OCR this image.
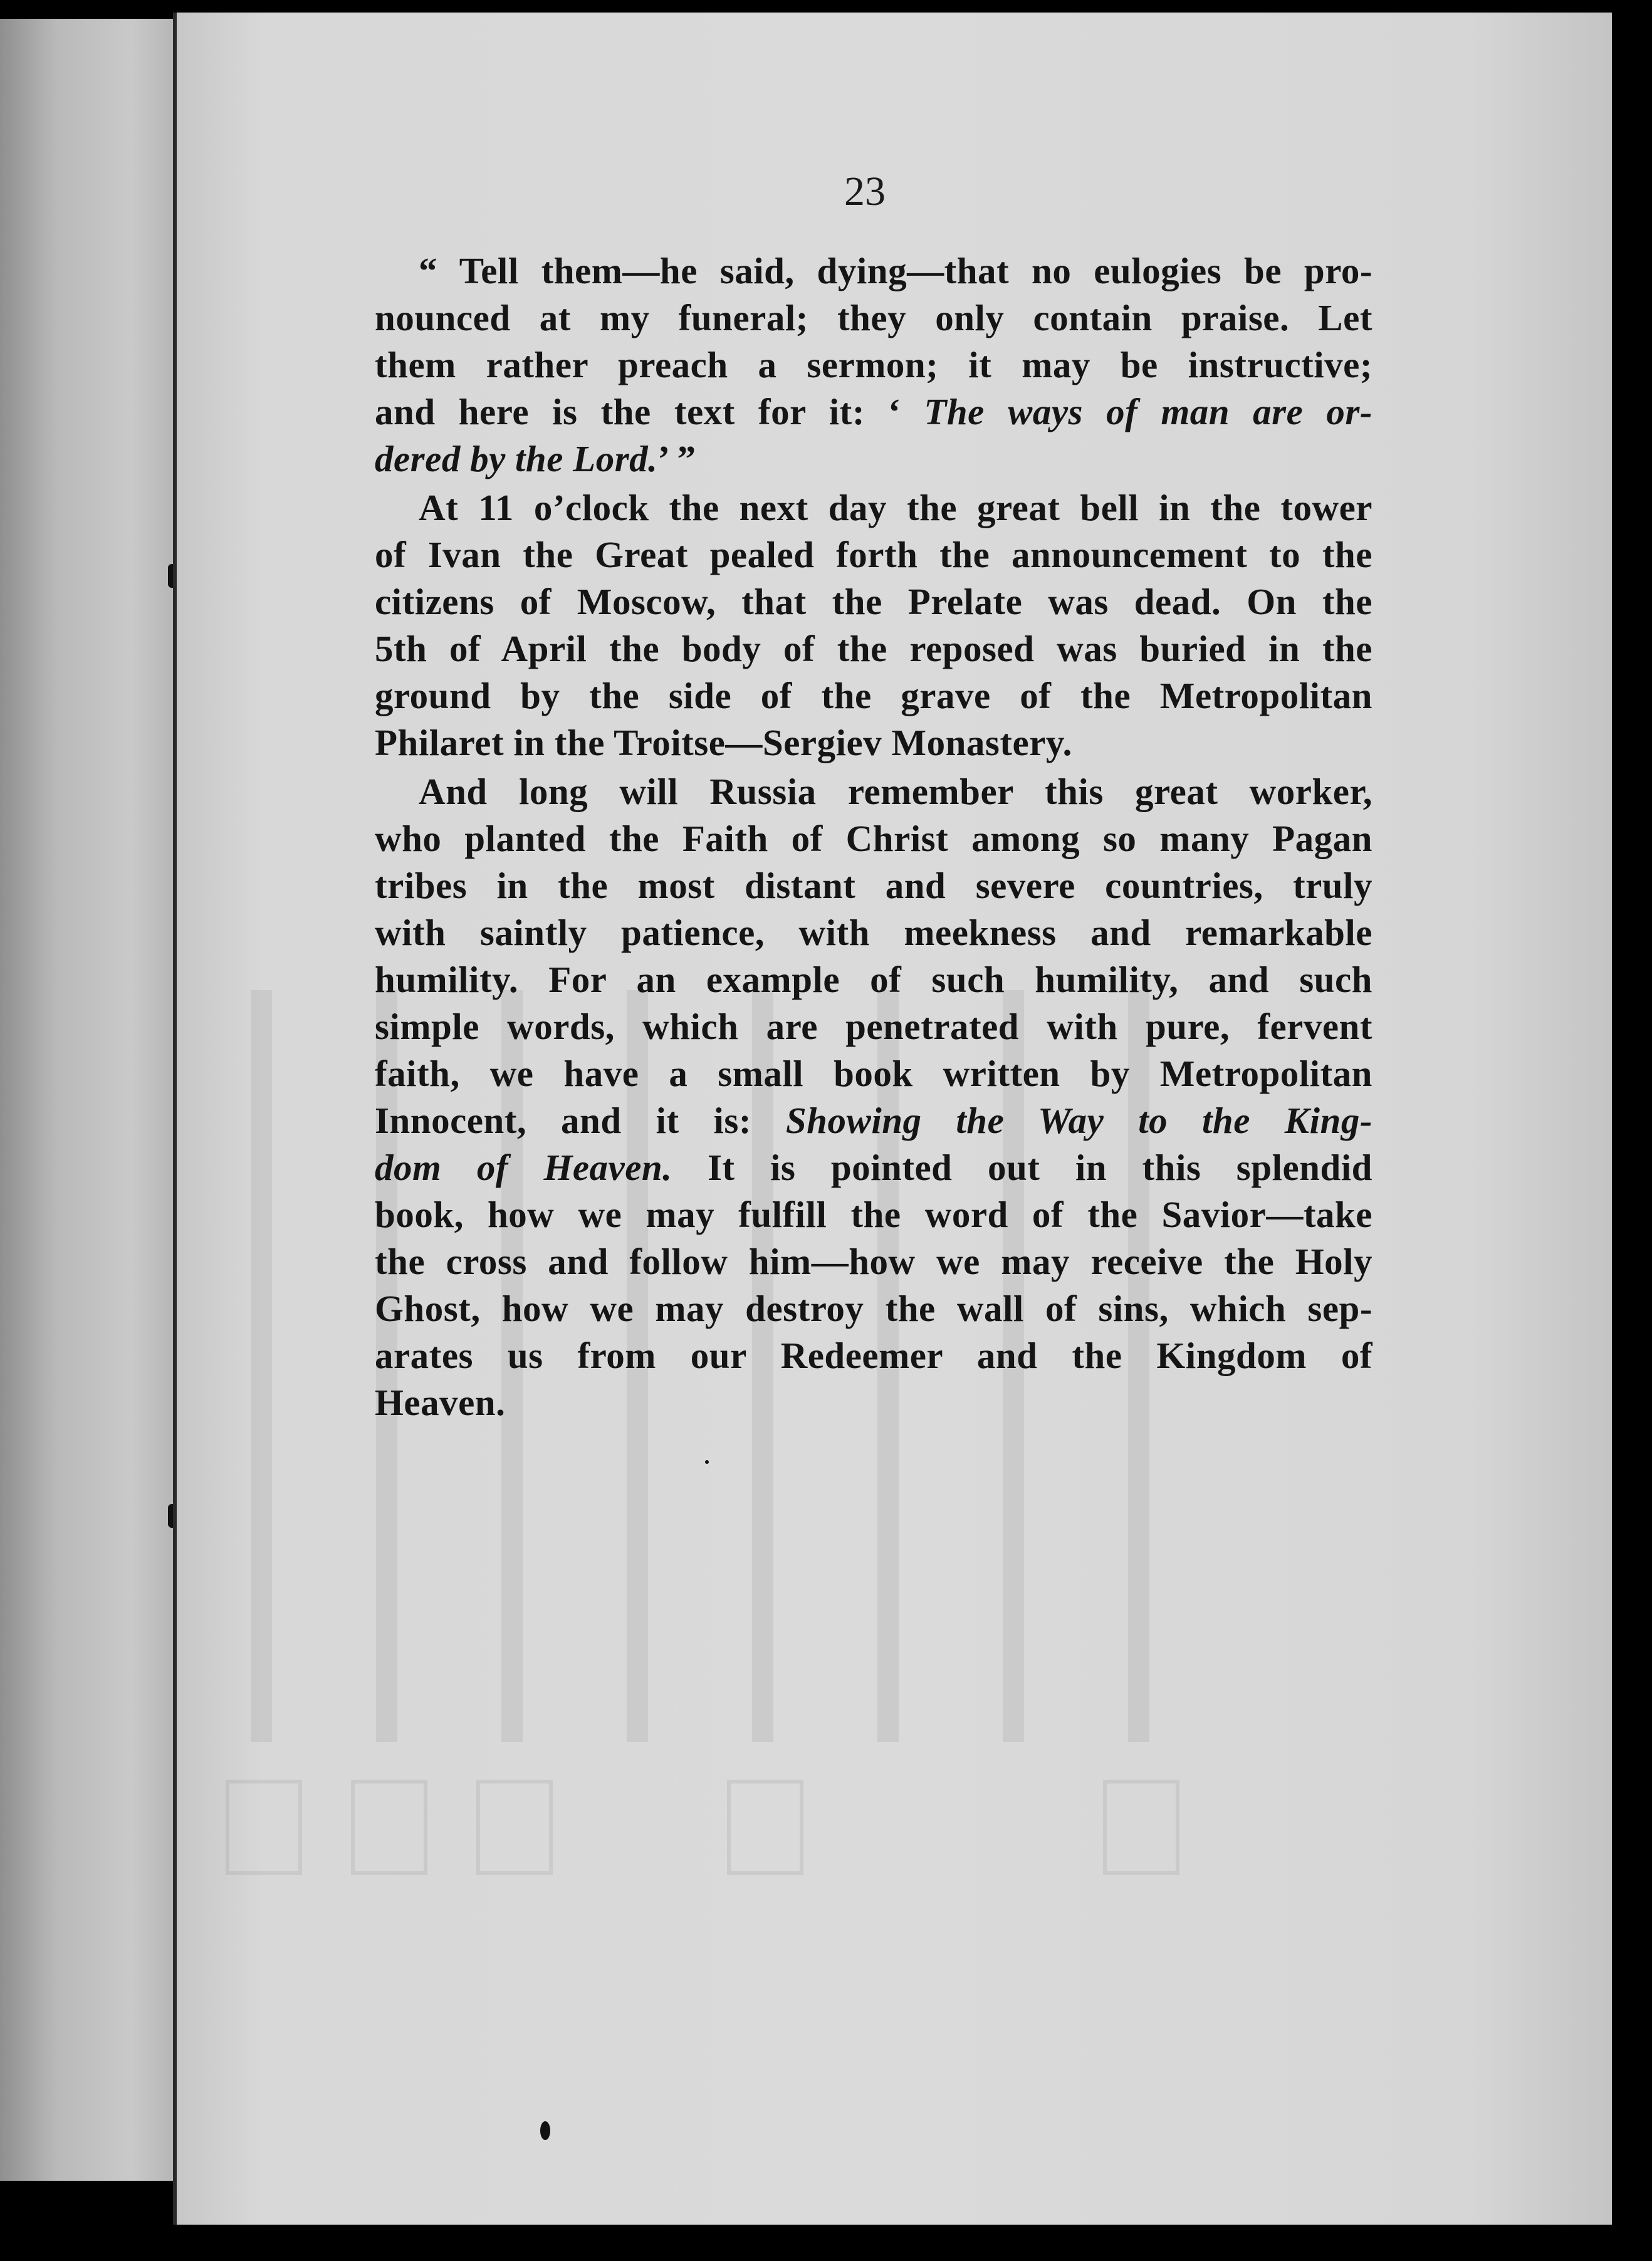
23
“ Tell them—he said, dying—that no eulogies be pro-
nounced at my funeral; they only contain praise. Let
them rather preach a sermon; it may be instructive;
and here is the text for it: ‘ The ways of man are or-
dered by the Lord.’ ”
At 11 o’clock the next day the great bell in the tower
of Ivan the Great pealed forth the announcement to the
citizens of Moscow, that the Prelate was dead. On the
5th of April the body of the reposed was buried in the
ground by the side of the grave of the Metropolitan
Philaret in the Troitse—Sergiev Monastery.
And long will Russia remember this great worker,
who planted the Faith of Christ among so many Pagan
tribes in the most distant and severe countries, truly
with saintly patience, with meekness and remarkable
humility. For an example of such humility, and such
simple words, which are penetrated with pure, fervent
faith, we have a small book written by Metropolitan
Innocent, and it is: Showing the Way to the King-
dom of Heaven. It is pointed out in this splendid
book, how we may fulfill the word of the Savior—take
the cross and follow him—how we may receive the Holy
Ghost, how we may destroy the wall of sins, which sep-
arates us from our Redeemer and the Kingdom of
Heaven.
